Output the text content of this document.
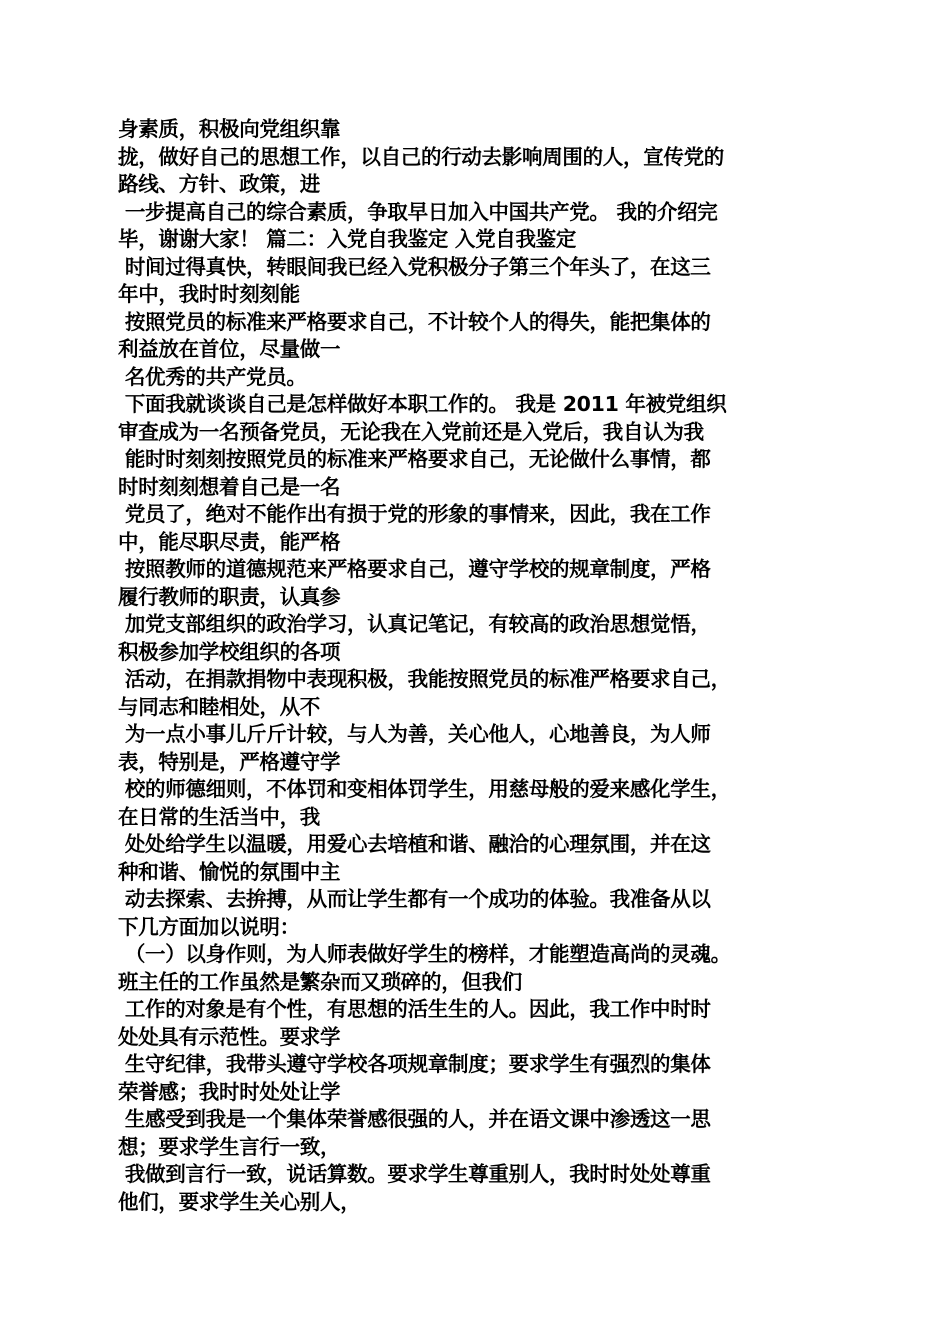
身素质，积极向党组织靠
拢，做好自己的思想工作，以自己的行动去影响周围的人，宣传党的
路线、方针、政策，进
一步提高自己的综合素质，争取早日加入中国共产党。 我的介绍完
毕，谢谢大家！ 篇二：入党自我鉴定 入党自我鉴定
时间过得真快，转眼间我已经入党积极分子第三个年头了，在这三
年中，我时时刻刻能
按照党员的标准来严格要求自己，不计较个人的得失，能把集体的
利益放在首位，尽量做一
名优秀的共产党员。
下面我就谈谈自己是怎样做好本职工作的。 我是 2011 年被党组织
审查成为一名预备党员，无论我在入党前还是入党后，我自认为我
能时时刻刻按照党员的标准来严格要求自己，无论做什么事情，都
时时刻刻想着自己是一名
党员了，绝对不能作出有损于党的形象的事情来，因此，我在工作
中，能尽职尽责，能严格
按照教师的道德规范来严格要求自己，遵守学校的规章制度，严格
履行教师的职责，认真参
加党支部组织的政治学习，认真记笔记，有较高的政治思想觉悟，
积极参加学校组织的各项
活动，在捐款捐物中表现积极，我能按照党员的标准严格要求自己，
与同志和睦相处，从不
为一点小事儿斤斤计较，与人为善，关心他人，心地善良，为人师
表，特别是，严格遵守学
校的师德细则，不体罚和变相体罚学生，用慈母般的爱来感化学生，
在日常的生活当中，我
处处给学生以温暖，用爱心去培植和谐、融洽的心理氛围，并在这
种和谐、愉悦的氛围中主
动去探索、去拚搏，从而让学生都有一个成功的体验。我准备从以
下几方面加以说明：
（一）以身作则，为人师表做好学生的榜样，才能塑造高尚的灵魂。
班主任的工作虽然是繁杂而又琐碎的，但我们
工作的对象是有个性，有思想的活生生的人。因此，我工作中时时
处处具有示范性。要求学
生守纪律，我带头遵守学校各项规章制度；要求学生有强烈的集体
荣誉感；我时时处处让学
生感受到我是一个集体荣誉感很强的人，并在语文课中渗透这一思
想；要求学生言行一致，
我做到言行一致，说话算数。要求学生尊重别人，我时时处处尊重
他们，要求学生关心别人，
